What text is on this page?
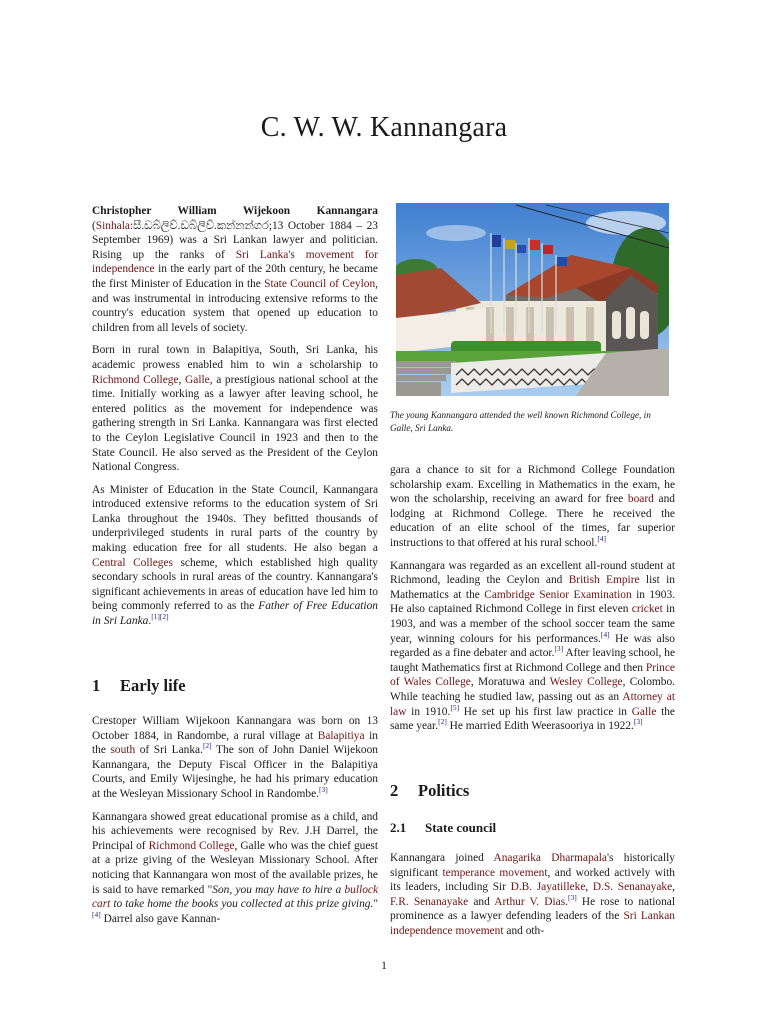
C. W. W. Kannangara

Christopher William Wijekoon Kannangara (Sinhala:සී.ඩබ්ලිව්.ඩබ්ලිව්.කන්නන්ගර;13 October 1884 – 23 September 1969) was a Sri Lankan lawyer and politician. Rising up the ranks of Sri Lanka's movement for independence in the early part of the 20th century, he became the first Minister of Education in the State Council of Ceylon, and was instrumental in introducing extensive reforms to the country's education system that opened up education to children from all levels of society.

Born in rural town in Balapitiya, South, Sri Lanka, his academic prowess enabled him to win a scholarship to Richmond College, Galle, a prestigious national school at the time. Initially working as a lawyer after leaving school, he entered politics as the movement for independence was gathering strength in Sri Lanka. Kannangara was first elected to the Ceylon Legislative Council in 1923 and then to the State Council. He also served as the President of the Ceylon National Congress.

As Minister of Education in the State Council, Kannangara introduced extensive reforms to the education system of Sri Lanka throughout the 1940s. They befitted thousands of underprivileged students in rural parts of the country by making education free for all students. He also began a Central Colleges scheme, which established high quality secondary schools in rural areas of the country. Kannangara's significant achievements in areas of education have led him to being commonly referred to as the Father of Free Education in Sri Lanka.[1][2]

1 Early life

Crestoper William Wijekoon Kannangara was born on 13 October 1884, in Randombe, a rural village at Balapitiya in the south of Sri Lanka.[2] The son of John Daniel Wijekoon Kannangara, the Deputy Fiscal Officer in the Balapitiya Courts, and Emily Wijesinghe, he had his primary education at the Wesleyan Missionary School in Randombe.[3]

Kannangara showed great educational promise as a child, and his achievements were recognised by Rev. J.H Darrel, the Principal of Richmond College, Galle who was the chief guest at a prize giving of the Wesleyan Missionary School. After noticing that Kannangara won most of the available prizes, he is said to have remarked "Son, you may have to hire a bullock cart to take home the books you collected at this prize giving."[4] Darrel also gave Kannan-

The young Kannangara attended the well known Richmond College, in Galle, Sri Lanka.

gara a chance to sit for a Richmond College Foundation scholarship exam. Excelling in Mathematics in the exam, he won the scholarship, receiving an award for free board and lodging at Richmond College. There he received the education of an elite school of the times, far superior instructions to that offered at his rural school.[4]

Kannangara was regarded as an excellent all-round student at Richmond, leading the Ceylon and British Empire list in Mathematics at the Cambridge Senior Examination in 1903. He also captained Richmond College in first eleven cricket in 1903, and was a member of the school soccer team the same year, winning colours for his performances.[4] He was also regarded as a fine debater and actor.[3] After leaving school, he taught Mathematics first at Richmond College and then Prince of Wales College, Moratuwa and Wesley College, Colombo. While teaching he studied law, passing out as an Attorney at law in 1910.[5] He set up his first law practice in Galle the same year.[2] He married Edith Weerasooriya in 1922.[3]

2 Politics
2.1 State council

Kannangara joined Anagarika Dharmapala's historically significant temperance movement, and worked actively with its leaders, including Sir D.B. Jayatilleke, D.S. Senanayake, F.R. Senanayake and Arthur V. Dias.[3] He rose to national prominence as a lawyer defending leaders of the Sri Lankan independence movement and oth-

1
